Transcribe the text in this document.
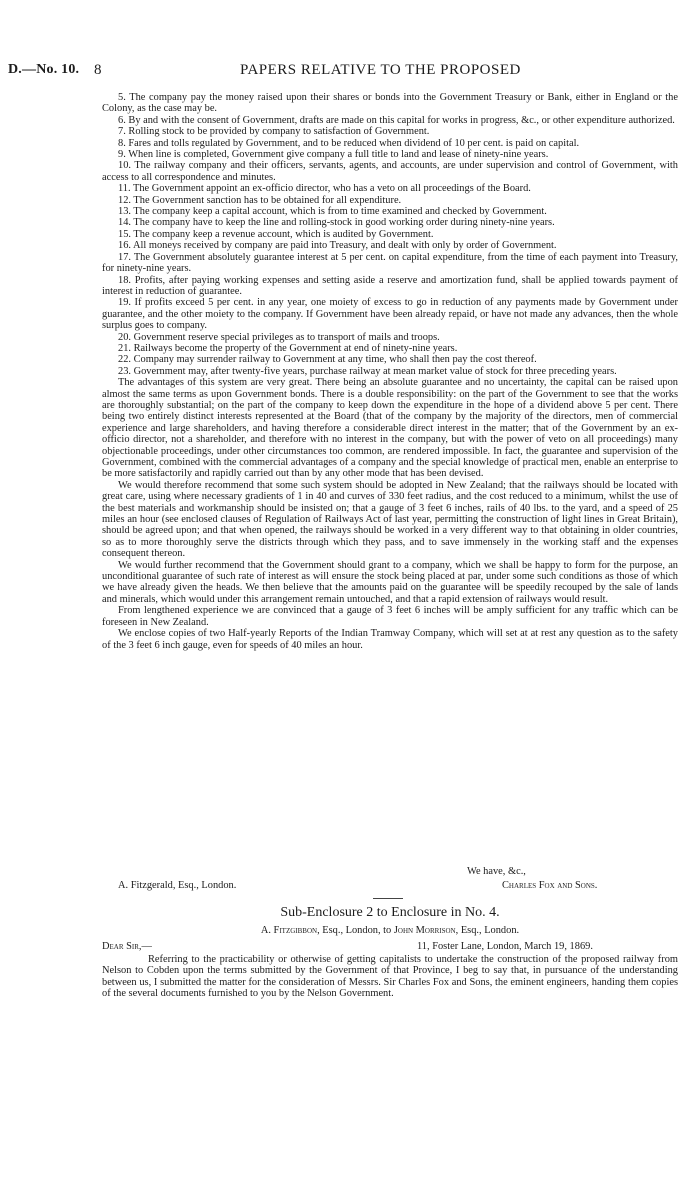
D.—No. 10. 8	PAPERS RELATIVE TO THE PROPOSED

5. The company pay the money raised upon their shares or bonds into the Government Treasury or Bank, either in England or the Colony, as the case may be.

6. By and with the consent of Government, drafts are made on this capital for works in progress, &c., or other expenditure authorized.

7. Rolling stock to be provided by company to satisfaction of Government.

8. Fares and tolls regulated by Government, and to be reduced when dividend of 10 per cent. is paid on capital.

9. When line is completed, Government give company a full title to land and lease of ninety-nine years.

10. The railway company and their officers, servants, agents, and accounts, are under supervision and control of Government, with access to all correspondence and minutes.

11. The Government appoint an ex-officio director, who has a veto on all proceedings of the Board.

12. The Government sanction has to be obtained for all expenditure.

13. The company keep a capital account, which is from to time examined and checked by Government.

14. The company have to keep the line and rolling-stock in good working order during ninety-nine years.

15. The company keep a revenue account, which is audited by Government.

16. All moneys received by company are paid into Treasury, and dealt with only by order of Government.

17. The Government absolutely guarantee interest at 5 per cent. on capital expenditure, from the time of each payment into Treasury, for ninety-nine years.

18. Profits, after paying working expenses and setting aside a reserve and amortization fund, shall be applied towards payment of interest in reduction of guarantee.

19. If profits exceed 5 per cent. in any year, one moiety of excess to go in reduction of any payments made by Government under guarantee, and the other moiety to the company. If Government have been already repaid, or have not made any advances, then the whole surplus goes to company.

20. Government reserve special privileges as to transport of mails and troops.

21. Railways become the property of the Government at end of ninety-nine years.

22. Company may surrender railway to Government at any time, who shall then pay the cost thereof.

23. Government may, after twenty-five years, purchase railway at mean market value of stock for three preceding years.

The advantages of this system are very great. There being an absolute guarantee and no uncertainty, the capital can be raised upon almost the same terms as upon Government bonds. There is a double responsibility: on the part of the Government to see that the works are thoroughly substantial; on the part of the company to keep down the expenditure in the hope of a dividend above 5 per cent. There being two entirely distinct interests represented at the Board (that of the company by the majority of the directors, men of commercial experience and large shareholders, and having therefore a considerable direct interest in the matter; that of the Government by an ex-officio director, not a shareholder, and therefore with no interest in the company, but with the power of veto on all proceedings) many objectionable proceedings, under other circumstances too common, are rendered impossible. In fact, the guarantee and supervision of the Government, combined with the commercial advantages of a company and the special knowledge of practical men, enable an enterprise to be more satisfactorily and rapidly carried out than by any other mode that has been devised.

We would therefore recommend that some such system should be adopted in New Zealand; that the railways should be located with great care, using where necessary gradients of 1 in 40 and curves of 330 feet radius, and the cost reduced to a minimum, whilst the use of the best materials and workmanship should be insisted on; that a gauge of 3 feet 6 inches, rails of 40 lbs. to the yard, and a speed of 25 miles an hour (see enclosed clauses of Regulation of Railways Act of last year, permitting the construction of light lines in Great Britain), should be agreed upon; and that when opened, the railways should be worked in a very different way to that obtaining in older countries, so as to more thoroughly serve the districts through which they pass, and to save immensely in the working staff and the expenses consequent thereon.

We would further recommend that the Government should grant to a company, which we shall be happy to form for the purpose, an unconditional guarantee of such rate of interest as will ensure the stock being placed at par, under some such conditions as those of which we have already given the heads. We then believe that the amounts paid on the guarantee will be speedily recouped by the sale of lands and minerals, which would under this arrangement remain untouched, and that a rapid extension of railways would result.

From lengthened experience we are convinced that a gauge of 3 feet 6 inches will be amply sufficient for any traffic which can be foreseen in New Zealand.

We enclose copies of two Half-yearly Reports of the Indian Tramway Company, which will set at at rest any question as to the safety of the 3 feet 6 inch gauge, even for speeds of 40 miles an hour.

We have, &c.,
A. Fitzgerald, Esq., London.	Charles Fox and Sons.
Sub-Enclosure 2 to Enclosure in No. 4.
A. Fitzgibbon, Esq., London, to John Morrison, Esq., London.
Dear Sir,—	11, Foster Lane, London, March 19, 1869.

Referring to the practicability or otherwise of getting capitalists to undertake the construction of the proposed railway from Nelson to Cobden upon the terms submitted by the Government of that Province, I beg to say that, in pursuance of the understanding between us, I submitted the matter for the consideration of Messrs. Sir Charles Fox and Sons, the eminent engineers, handing them copies of the several documents furnished to you by the Nelson Government.
